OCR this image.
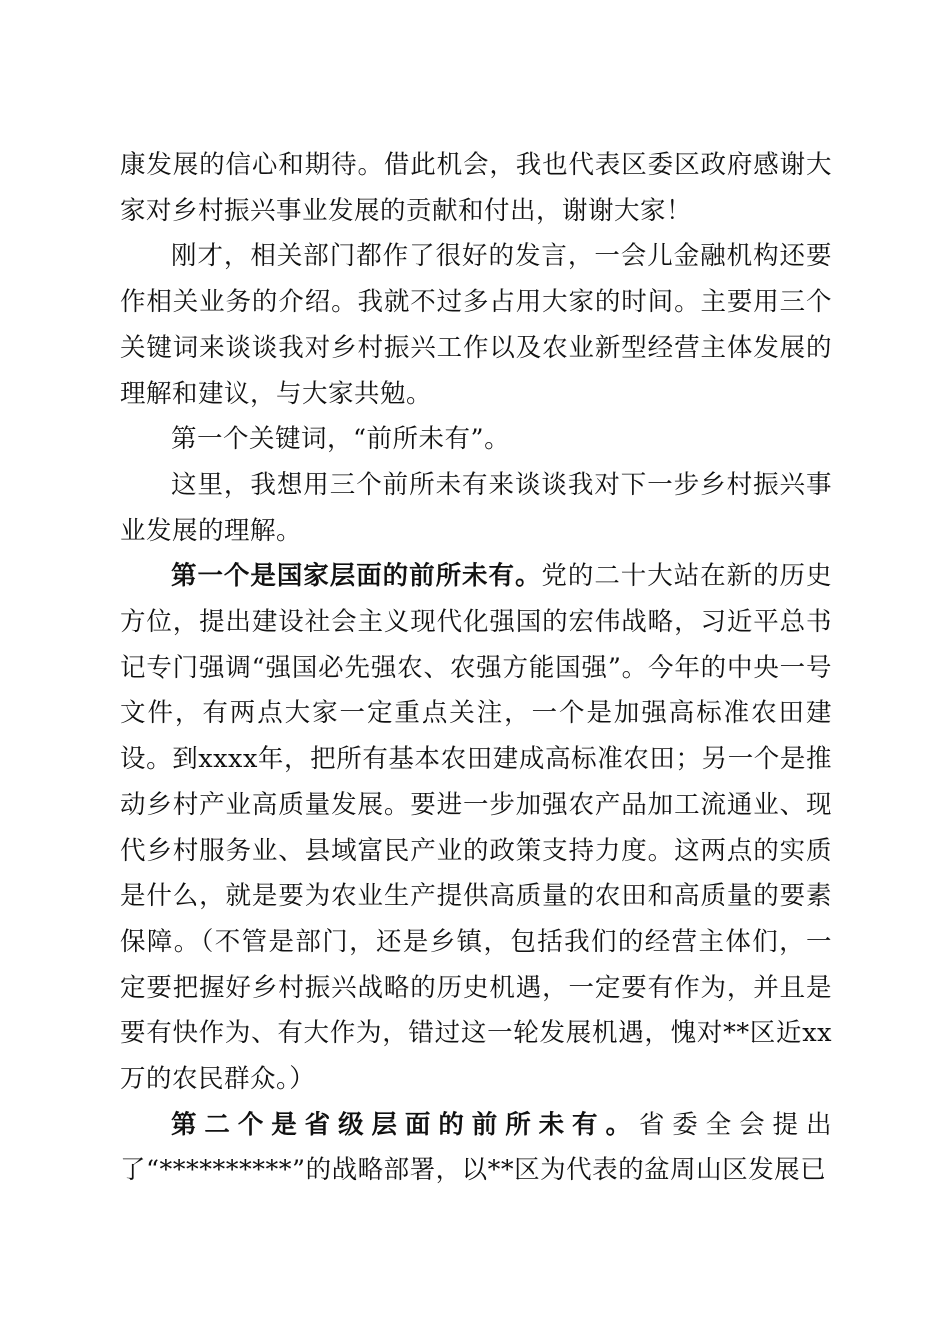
康发展的信心和期待。借此机会，我也代表区委区政府感谢大家对乡村振兴事业发展的贡献和付出，谢谢大家！

刚才，相关部门都作了很好的发言，一会儿金融机构还要作相关业务的介绍。我就不过多占用大家的时间。主要用三个关键词来谈谈我对乡村振兴工作以及农业新型经营主体发展的理解和建议，与大家共勉。

第一个关键词，“前所未有”。

这里，我想用三个前所未有来谈谈我对下一步乡村振兴事业发展的理解。

第一个是国家层面的前所未有。党的二十大站在新的历史方位，提出建设社会主义现代化强国的宏伟战略，习近平总书记专门强调“强国必先强农、农强方能国强”。今年的中央一号文件，有两点大家一定重点关注，一个是加强高标准农田建设。到xxxx年，把所有基本农田建成高标准农田；另一个是推动乡村产业高质量发展。要进一步加强农产品加工流通业、现代乡村服务业、县域富民产业的政策支持力度。这两点的实质是什么，就是要为农业生产提供高质量的农田和高质量的要素保障。（不管是部门，还是乡镇，包括我们的经营主体们，一定要把握好乡村振兴战略的历史机遇，一定要有作为，并且是要有快作为、有大作为，错过这一轮发展机遇，愧对**区近xx万的农民群众。）

第二个是省级层面的前所未有。省委全会提出了“**********”的战略部署，以**区为代表的盆周山区发展已
